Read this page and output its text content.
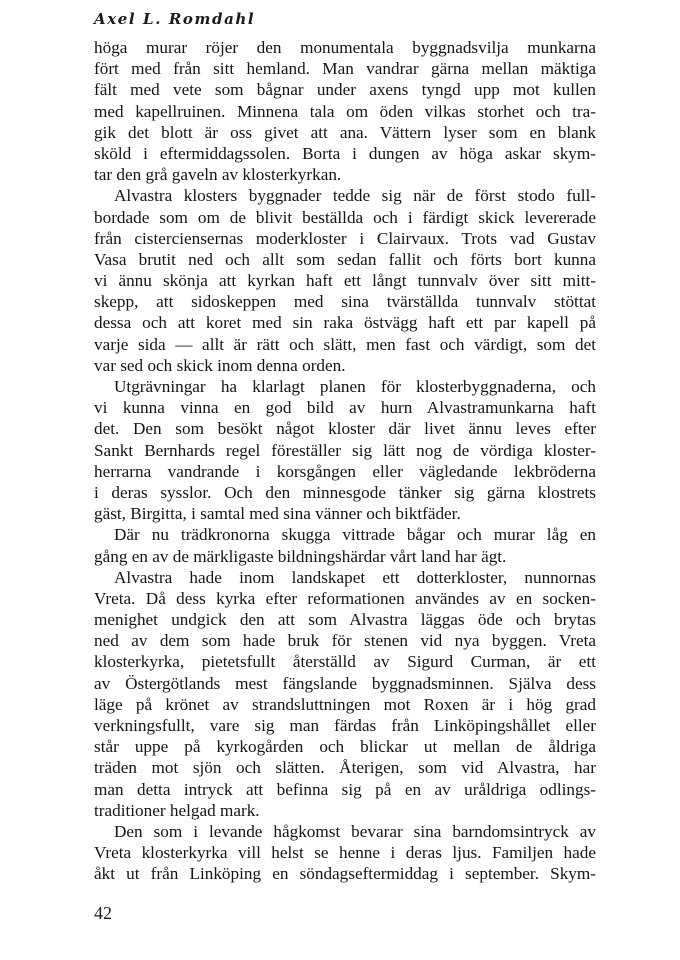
Axel L. Romdahl
höga murar röjer den monumentala byggnadsvilja munkarna
fört med från sitt hemland. Man vandrar gärna mellan mäktiga
fält med vete som bågnar under axens tyngd upp mot kullen
med kapellruinen. Minnena tala om öden vilkas storhet och tra-
gik det blott är oss givet att ana. Vättern lyser som en blank
sköld i eftermiddagssolen. Borta i dungen av höga askar skym-
tar den grå gaveln av klosterkyrkan.
Alvastra klosters byggnader tedde sig när de först stodo full-
bordade som om de blivit beställda och i färdigt skick levererade
från cisterciensernas moderkloster i Clairvaux. Trots vad Gustav
Vasa brutit ned och allt som sedan fallit och förts bort kunna
vi ännu skönja att kyrkan haft ett långt tunnvalv över sitt mitt-
skepp, att sidoskeppen med sina tvärställda tunnvalv stöttat
dessa och att koret med sin raka östvägg haft ett par kapell på
varje sida — allt är rätt och slätt, men fast och värdigt, som det
var sed och skick inom denna orden.
Utgrävningar ha klarlagt planen för klosterbyggnaderna, och
vi kunna vinna en god bild av hurn Alvastramunkarna haft
det. Den som besökt något kloster där livet ännu leves efter
Sankt Bernhards regel föreställer sig lätt nog de vördiga kloster-
herrarna vandrande i korsgången eller vägledande lekbröderna
i deras sysslor. Och den minnesgode tänker sig gärna klostrets
gäst, Birgitta, i samtal med sina vänner och biktfäder.
Där nu trädkronorna skugga vittrade bågar och murar låg en
gång en av de märkligaste bildningshärdar vårt land har ägt.
Alvastra hade inom landskapet ett dotterkloster, nunnornas
Vreta. Då dess kyrka efter reformationen användes av en socken-
menighet undgick den att som Alvastra läggas öde och brytas
ned av dem som hade bruk för stenen vid nya byggen. Vreta
klosterkyrka, pietetsfullt återställd av Sigurd Curman, är ett
av Östergötlands mest fängslande byggnadsminnen. Själva dess
läge på krönet av strandsluttningen mot Roxen är i hög grad
verkningsfullt, vare sig man färdas från Linköpingshållet eller
står uppe på kyrkogården och blickar ut mellan de åldriga
träden mot sjön och slätten. Återigen, som vid Alvastra, har
man detta intryck att befinna sig på en av uråldriga odlings-
traditioner helgad mark.
Den som i levande hågkomst bevarar sina barndomsintryck av
Vreta klosterkyrka vill helst se henne i deras ljus. Familjen hade
åkt ut från Linköping en söndagseftermiddag i september. Skym-
42
